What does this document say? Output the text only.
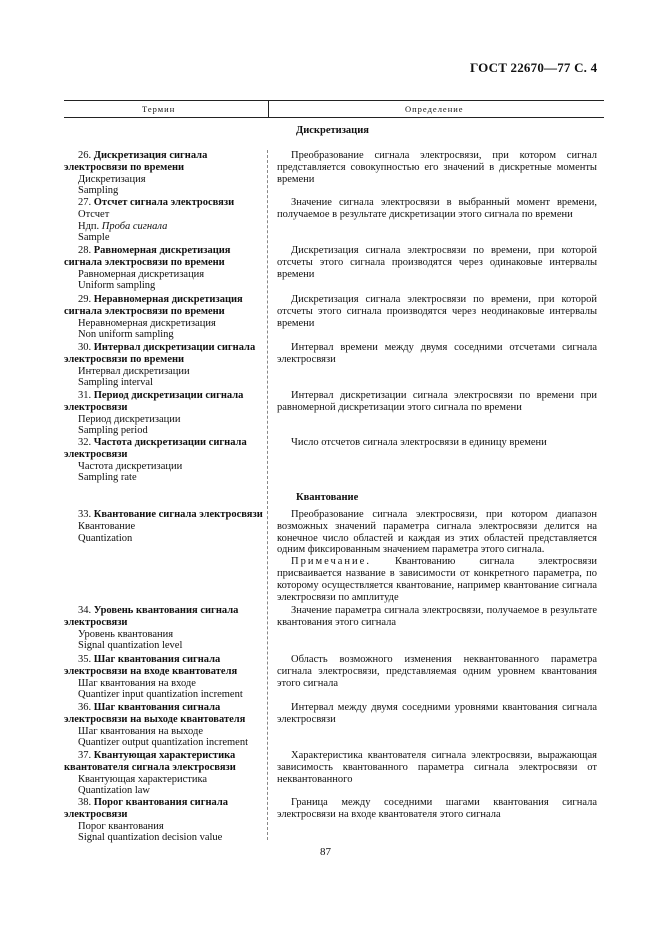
ГОСТ 22670—77 С. 4
Термин	Определение
Дискретизация
26. Дискретизация сигнала электросвязи по времени
Дискретизация
Sampling
Преобразование сигнала электросвязи, при котором сигнал представляется совокупностью его значений в дискретные моменты времени
27. Отсчет сигнала электросвязи
Отсчет
Ндп. Проба сигнала
Sample
Значение сигнала электросвязи в выбранный момент времени, получаемое в результате дискретизации этого сигнала по времени
28. Равномерная дискретизация сигнала электросвязи по времени
Равномерная дискретизация
Uniform sampling
Дискретизация сигнала электросвязи по времени, при которой отсчеты этого сигнала производятся через одинаковые интервалы времени
29. Неравномерная дискретизация сигнала электросвязи по времени
Неравномерная дискретизация
Non uniform sampling
Дискретизация сигнала электросвязи по времени, при которой отсчеты этого сигнала производятся через неодинаковые интервалы времени
30. Интервал дискретизации сигнала электросвязи по времени
Интервал дискретизации
Sampling interval
Интервал времени между двумя соседними отсчетами сигнала электросвязи
31. Период дискретизации сигнала электросвязи
Период дискретизации
Sampling period
Интервал дискретизации сигнала электросвязи по времени при равномерной дискретизации этого сигнала по времени
32. Частота дискретизации сигнала электросвязи
Частота дискретизации
Sampling rate
Число отсчетов сигнала электросвязи в единицу времени
Квантование
33. Квантование сигнала электросвязи
Квантование
Quantization
Преобразование сигнала электросвязи, при котором диапазон возможных значений параметра сигнала электросвязи делится на конечное число областей и каждая из этих областей представляется одним фиксированным значением параметра этого сигнала.
Примечание. Квантованию сигнала электросвязи присваивается название в зависимости от конкретного параметра, по которому осуществляется квантование, например квантование сигнала электросвязи по амплитуде
34. Уровень квантования сигнала электросвязи
Уровень квантования
Signal quantization level
Значение параметра сигнала электросвязи, получаемое в результате квантования этого сигнала
35. Шаг квантования сигнала электросвязи на входе квантователя
Шаг квантования на входе
Quantizer input quantization increment
Область возможного изменения неквантованного параметра сигнала электросвязи, представляемая одним уровнем квантования этого сигнала
36. Шаг квантования сигнала электросвязи на выходе квантователя
Шаг квантования на выходе
Quantizer output quantization increment
Интервал между двумя соседними уровнями квантования сигнала электросвязи
37. Квантующая характеристика квантователя сигнала электросвязи
Квантующая характеристика
Quantization law
Характеристика квантователя сигнала электросвязи, выражающая зависимость квантованного параметра сигнала электросвязи от неквантованного
38. Порог квантования сигнала электросвязи
Порог квантования
Signal quantization decision value
Граница между соседними шагами квантования сигнала электросвязи на входе квантователя этого сигнала
87
